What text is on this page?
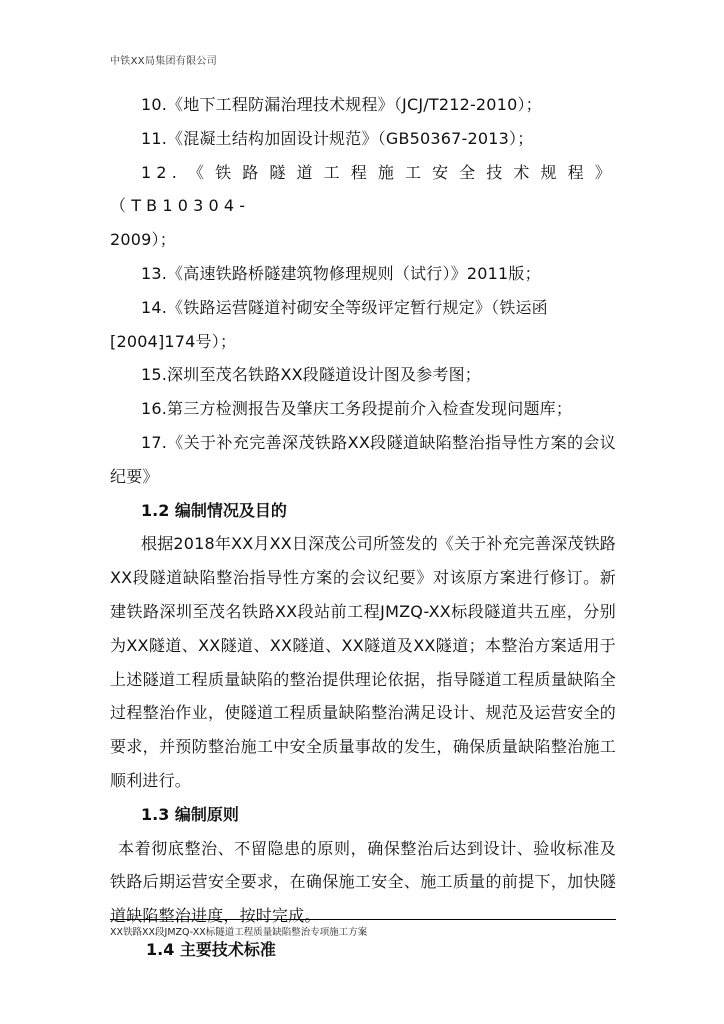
中铁XX局集团有限公司

10.《地下工程防漏治理技术规程》（JCJ/T212-2010）；

11.《混凝土结构加固设计规范》（GB50367-2013）；

12.《铁路隧道工程施工安全技术规程》（TB10304-

2009）；

13.《高速铁路桥隧建筑物修理规则（试行）》2011版；

14.《铁路运营隧道衬砌安全等级评定暂行规定》（铁运函

[2004]174号）；

15.深圳至茂名铁路XX段隧道设计图及参考图；

16.第三方检测报告及肇庆工务段提前介入检查发现问题库；

17.《关于补充完善深茂铁路XX段隧道缺陷整治指导性方案的会议纪要》

1.2 编制情况及目的

根据2018年XX月XX日深茂公司所签发的《关于补充完善深茂铁路XX段隧道缺陷整治指导性方案的会议纪要》对该原方案进行修订。新建铁路深圳至茂名铁路XX段站前工程JMZQ-XX标段隧道共五座，分别为XX隧道、XX隧道、XX隧道、XX隧道及XX隧道；本整治方案适用于上述隧道工程质量缺陷的整治提供理论依据，指导隧道工程质量缺陷全过程整治作业，使隧道工程质量缺陷整治满足设计、规范及运营安全的要求，并预防整治施工中安全质量事故的发生，确保质量缺陷整治施工顺利进行。

1.3 编制原则

本着彻底整治、不留隐患的原则，确保整治后达到设计、验收标准及铁路后期运营安全要求，在确保施工安全、施工质量的前提下，加快隧道缺陷整治进度，按时完成。

1.4 主要技术标准

XX铁路XX段JMZQ-XX标隧道工程质量缺陷整治专项施工方案
